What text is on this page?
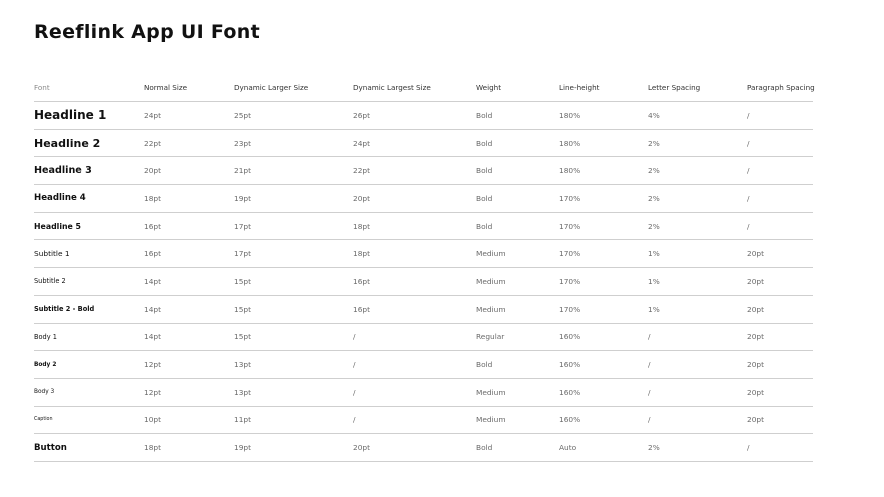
Reeflink App UI Font
Font	Normal Size	Dynamic Larger Size	Dynamic Largest Size	Weight	Line-height	Letter Spacing	Paragraph Spacing
Headline 1	24pt	25pt	26pt	Bold	180%	4%	/
Headline 2	22pt	23pt	24pt	Bold	180%	2%	/
Headline 3	20pt	21pt	22pt	Bold	180%	2%	/
Headline 4	18pt	19pt	20pt	Bold	170%	2%	/
Headline 5	16pt	17pt	18pt	Bold	170%	2%	/
Subtitle 1	16pt	17pt	18pt	Medium	170%	1%	20pt
Subtitle 2	14pt	15pt	16pt	Medium	170%	1%	20pt
Subtitle 2 - Bold	14pt	15pt	16pt	Medium	170%	1%	20pt
Body 1	14pt	15pt	/	Regular	160%	/	20pt
Body 2	12pt	13pt	/	Bold	160%	/	20pt
Body 3	12pt	13pt	/	Medium	160%	/	20pt
Caption	10pt	11pt	/	Medium	160%	/	20pt
Button	18pt	19pt	20pt	Bold	Auto	2%	/
